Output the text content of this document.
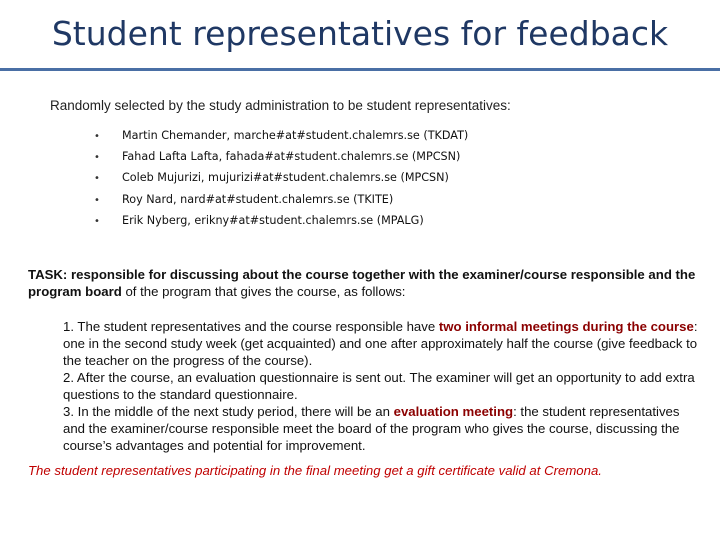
Student representatives for feedback
Randomly selected by the study administration to be student representatives:
• Martin Chemander, marche#at#student.chalemrs.se (TKDAT)
• Fahad Lafta Lafta, fahada#at#student.chalemrs.se (MPCSN)
• Coleb Mujurizi, mujurizi#at#student.chalemrs.se (MPCSN)
• Roy Nard, nard#at#student.chalemrs.se (TKITE)
• Erik Nyberg, erikny#at#student.chalemrs.se (MPALG)
TASK: responsible for discussing about the course together with the examiner/course responsible and the program board of the program that gives the course, as follows:
1. The student representatives and the course responsible have two informal meetings during the course: one in the second study week (get acquainted) and one after approximately half the course (give feedback to the teacher on the progress of the course).
2. After the course, an evaluation questionnaire is sent out. The examiner will get an opportunity to add extra questions to the standard questionnaire.
3. In the middle of the next study period, there will be an evaluation meeting: the student representatives and the examiner/course responsible meet the board of the program who gives the course, discussing the course’s advantages and potential for improvement.
The student representatives participating in the final meeting get a gift certificate valid at Cremona.
